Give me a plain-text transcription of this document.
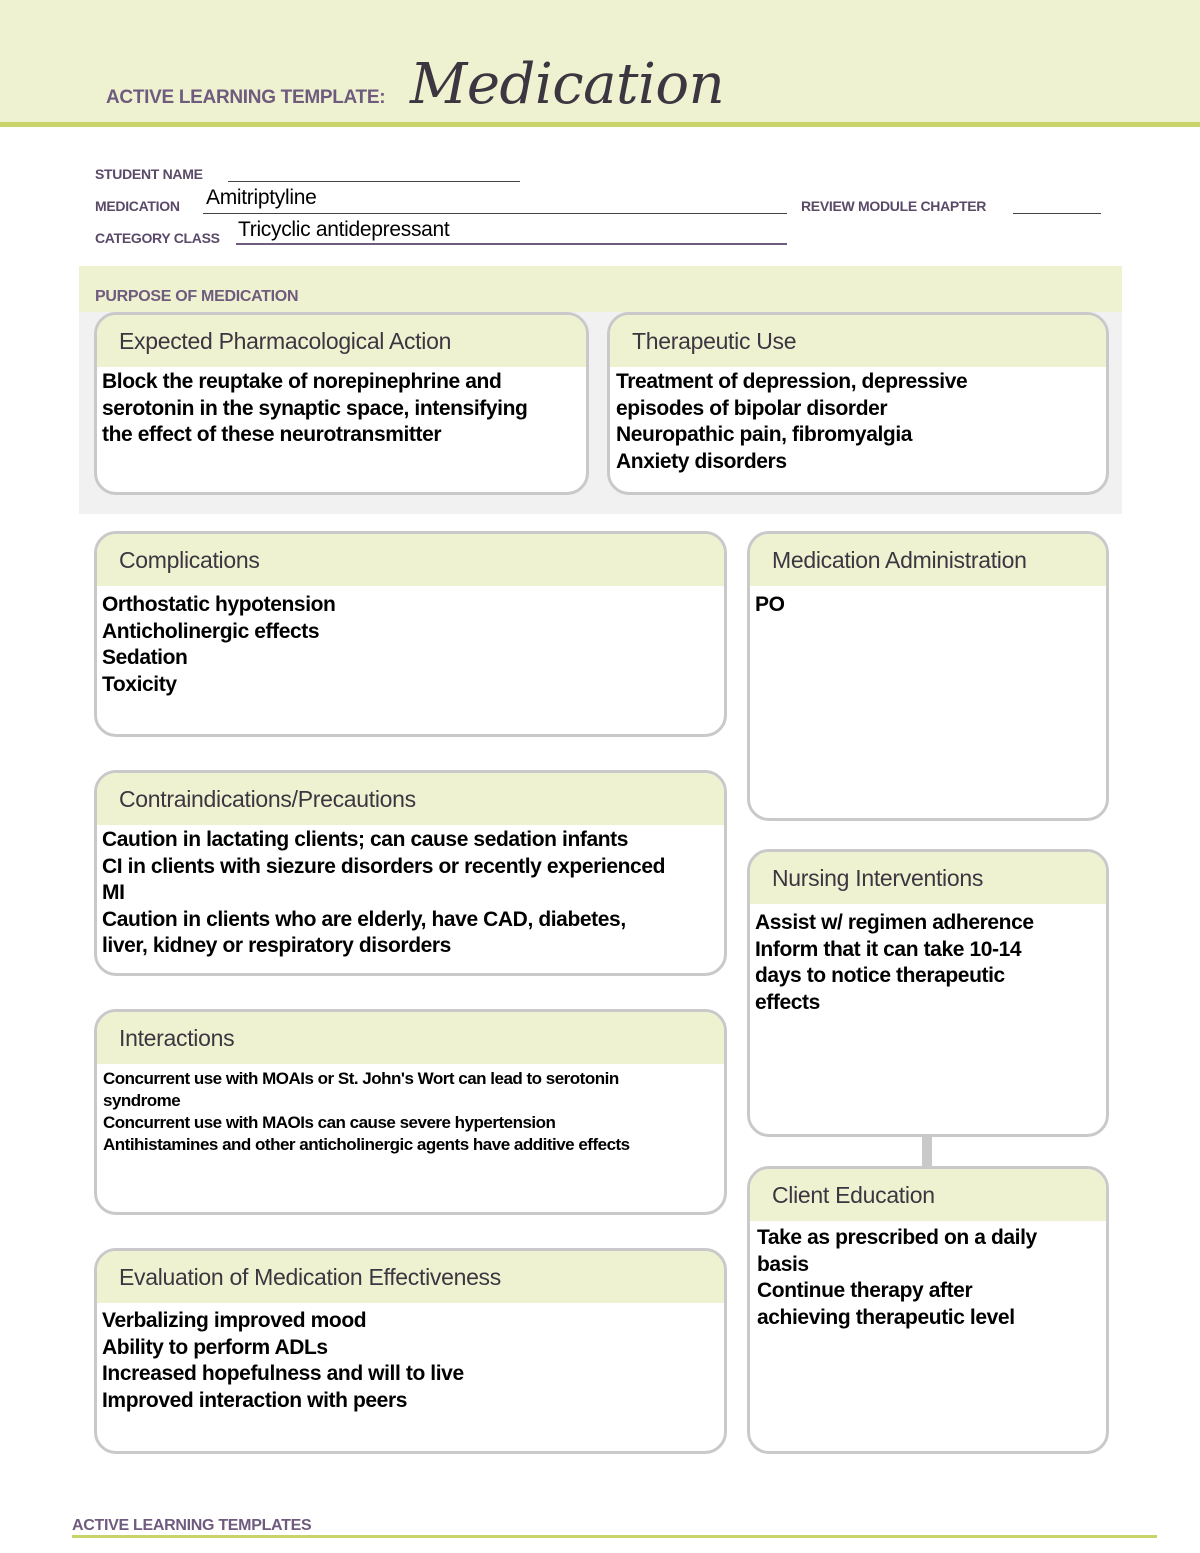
ACTIVE LEARNING TEMPLATE: Medication
STUDENT NAME
MEDICATION Amitriptyline	REVIEW MODULE CHAPTER
CATEGORY CLASS Tricyclic antidepressant
PURPOSE OF MEDICATION
Expected Pharmacological Action
Block the reuptake of norepinephrine and
serotonin in the synaptic space, intensifying
the effect of these neurotransmitter
Therapeutic Use
Treatment of depression, depressive
episodes of bipolar disorder
Neuropathic pain, fibromyalgia
Anxiety disorders
Complications
Orthostatic hypotension
Anticholinergic effects
Sedation
Toxicity
Contraindications/Precautions
Caution in lactating clients; can cause sedation infants
CI in clients with siezure disorders or recently experienced
MI
Caution in clients who are elderly, have CAD, diabetes,
liver, kidney or respiratory disorders
Interactions
Concurrent use with MOAIs or St. John's Wort can lead to serotonin
syndrome
Concurrent use with MAOIs can cause severe hypertension
Antihistamines and other anticholinergic agents have additive effects
Evaluation of Medication Effectiveness
Verbalizing improved mood
Ability to perform ADLs
Increased hopefulness and will to live
Improved interaction with peers
Medication Administration
PO
Nursing Interventions
Assist w/ regimen adherence
Inform that it can take 10-14
days to notice therapeutic
effects
Client Education
Take as prescribed on a daily
basis
Continue therapy after
achieving therapeutic level
ACTIVE LEARNING TEMPLATES
